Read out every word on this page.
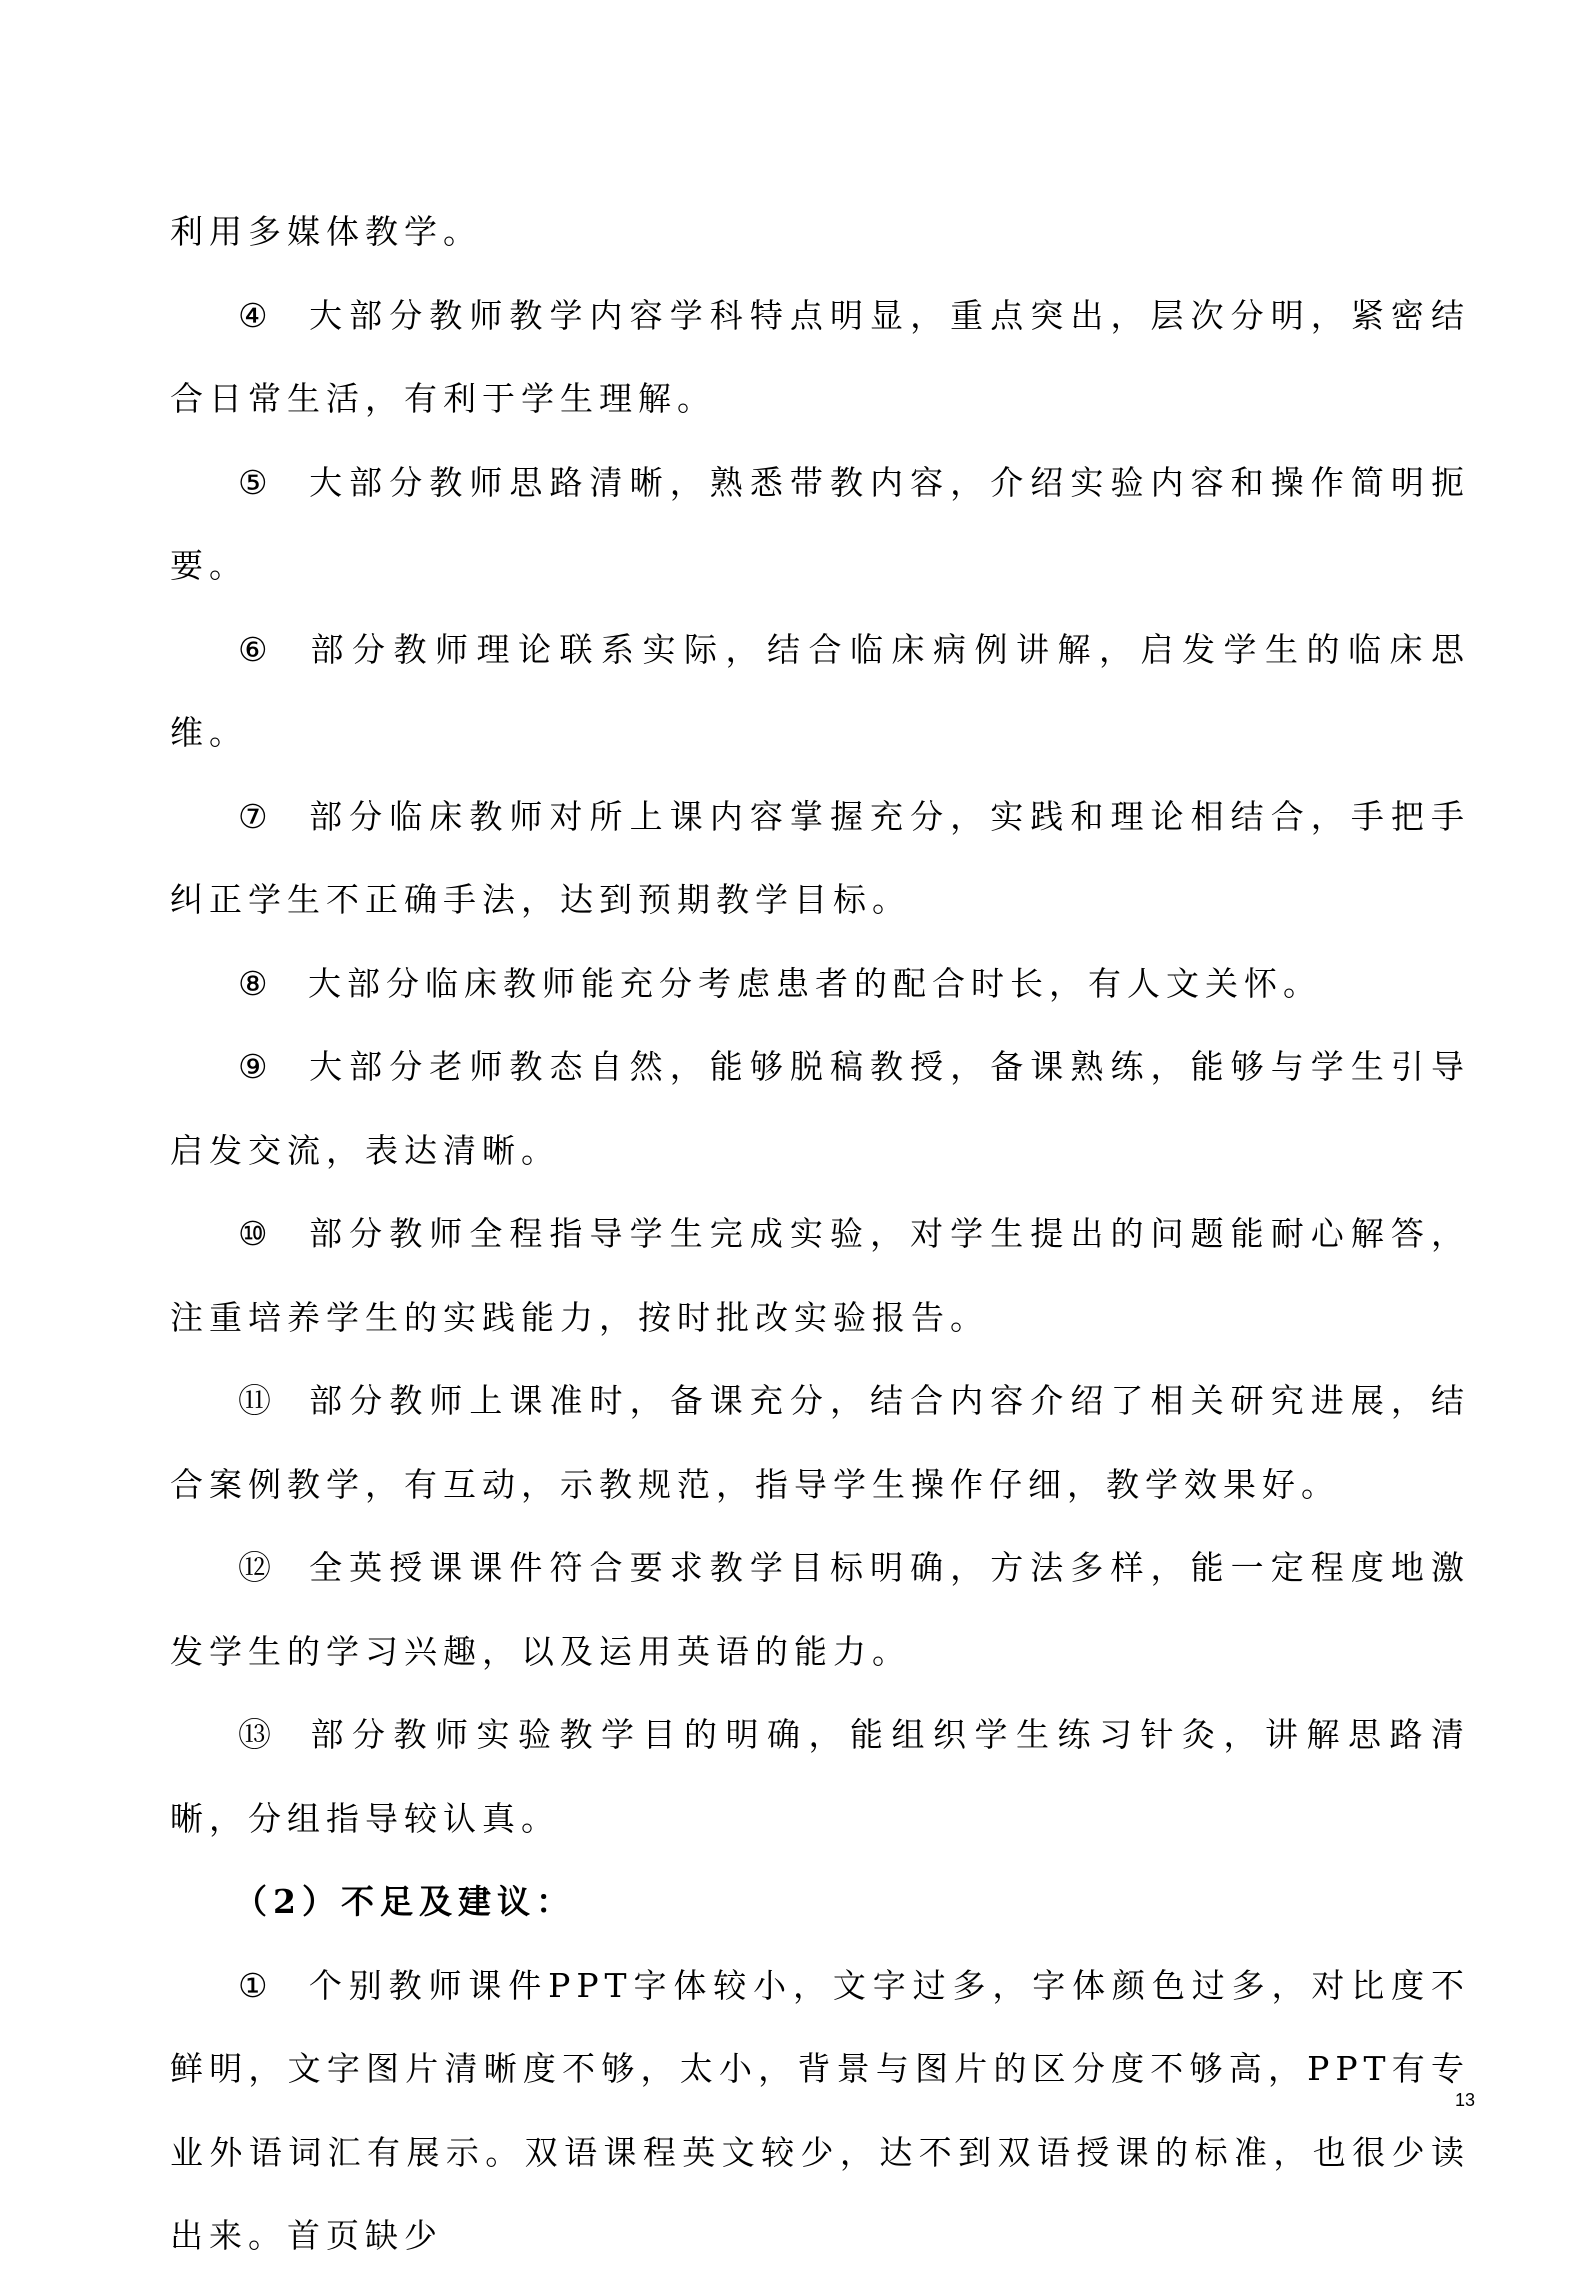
利用多媒体教学。

④ 大部分教师教学内容学科特点明显，重点突出，层次分明，紧密结合日常生活，有利于学生理解。

⑤ 大部分教师思路清晰，熟悉带教内容，介绍实验内容和操作简明扼要。

⑥ 部分教师理论联系实际，结合临床病例讲解，启发学生的临床思维。

⑦ 部分临床教师对所上课内容掌握充分，实践和理论相结合，手把手纠正学生不正确手法，达到预期教学目标。

⑧ 大部分临床教师能充分考虑患者的配合时长，有人文关怀。

⑨ 大部分老师教态自然，能够脱稿教授，备课熟练，能够与学生引导启发交流，表达清晰。

⑩ 部分教师全程指导学生完成实验，对学生提出的问题能耐心解答，注重培养学生的实践能力，按时批改实验报告。

⑪ 部分教师上课准时，备课充分，结合内容介绍了相关研究进展，结合案例教学，有互动，示教规范，指导学生操作仔细，教学效果好。

⑫ 全英授课课件符合要求教学目标明确，方法多样，能一定程度地激发学生的学习兴趣，以及运用英语的能力。

⑬ 部分教师实验教学目的明确，能组织学生练习针灸，讲解思路清晰，分组指导较认真。

（2）不足及建议：

① 个别教师课件PPT字体较小，文字过多，字体颜色过多，对比度不鲜明，文字图片清晰度不够，太小，背景与图片的区分度不够高，PPT有专业外语词汇有展示。双语课程英文较少，达不到双语授课的标准，也很少读出来。首页缺少

13
